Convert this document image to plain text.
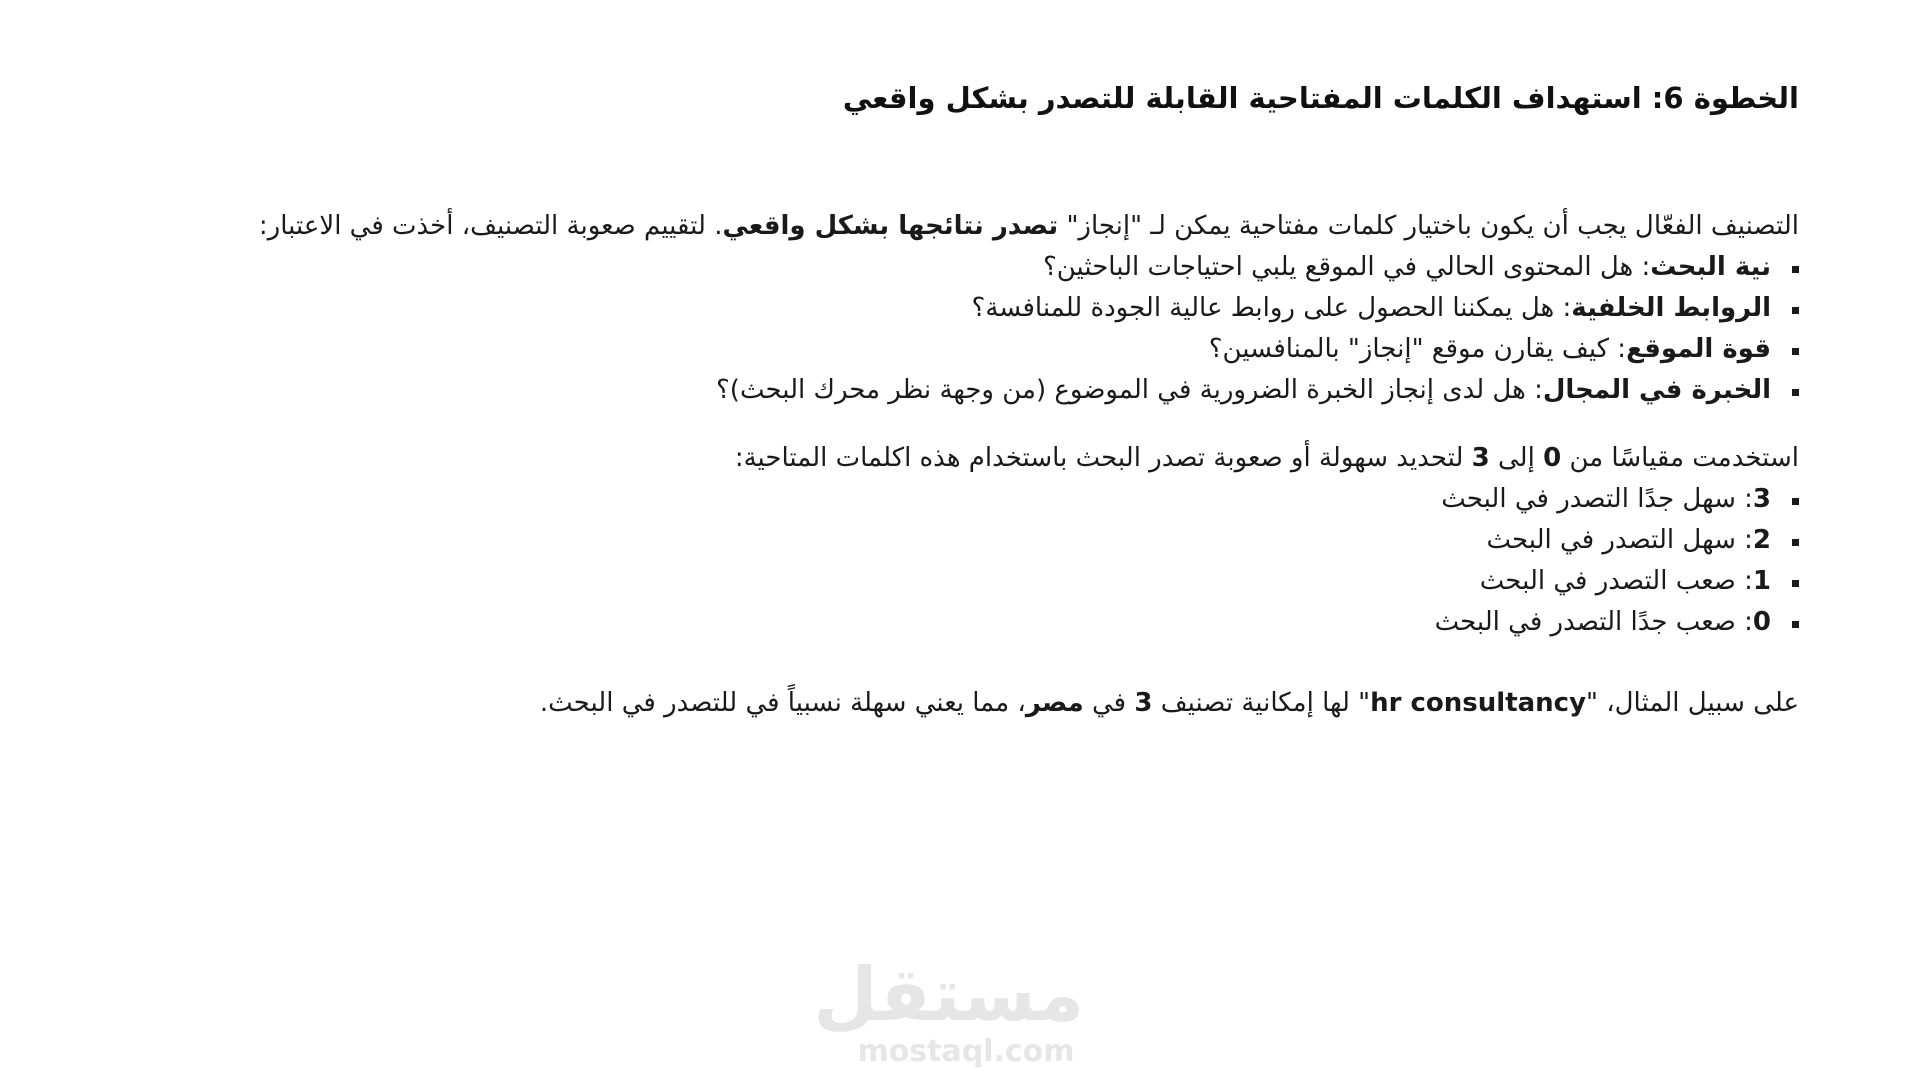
الخطوة 6: استهداف الكلمات المفتاحية القابلة للتصدر بشكل واقعي

التصنيف الفعّال يجب أن يكون باختيار كلمات مفتاحية يمكن لـ "إنجاز" تصدر نتائجها بشكل واقعي. لتقييم صعوبة التصنيف، أخذت في الاعتبار:

نية البحث: هل المحتوى الحالي في الموقع يلبي احتياجات الباحثين؟
الروابط الخلفية: هل يمكننا الحصول على روابط عالية الجودة للمنافسة؟
قوة الموقع: كيف يقارن موقع "إنجاز" بالمنافسين؟
الخبرة في المجال: هل لدى إنجاز الخبرة الضرورية في الموضوع (من وجهة نظر محرك البحث)؟

استخدمت مقياسًا من 0 إلى 3 لتحديد سهولة أو صعوبة تصدر البحث باستخدام هذه اكلمات المتاحية:

3: سهل جدًا التصدر في البحث
2: سهل التصدر في البحث
1: صعب التصدر في البحث
0: صعب جدًا التصدر في البحث

على سبيل المثال، "hr consultancy" لها إمكانية تصنيف 3 في مصر، مما يعني سهلة نسبياً في للتصدر في البحث.

مستقل
mostaql.com
